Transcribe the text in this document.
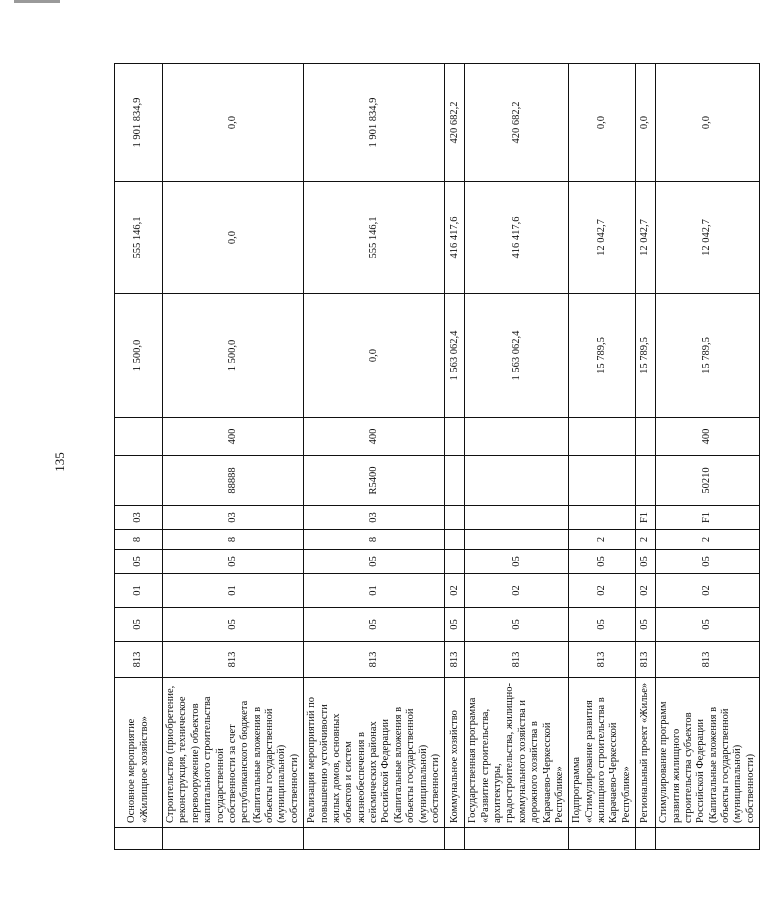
135
	Основное мероприятие «Жилищное хозяйство»	813	05	01	05	8	03			1 500,0	555 146,1	1 901 834,9
	Строительство (приобретение, реконструкция, техническое перевооружение) объектов капитального строительства государственной собственности за счет республиканского бюджета (Капитальные вложения в объекты государственной (муниципальной) собственности)	813	05	01	05	8	03	88888	400	1 500,0	0,0	0,0
	Реализация мероприятий по повышению устойчивости жилых домов, основных объектов и систем жизнеобеспечения в сейсмических районах Российской Федерации (Капитальные вложения в объекты государственной (муниципальной) собственности)	813	05	01	05	8	03	R5400	400	0,0	555 146,1	1 901 834,9
	Коммунальное хозяйство	813	05	02						1 563 062,4	416 417,6	420 682,2
	Государственная программа «Развитие строительства, архитектуры, градостроительства, жилищно-коммунального хозяйства и дорожного хозяйства в Карачаево-Черкесской Республике»	813	05	02	05					1 563 062,4	416 417,6	420 682,2
	Подпрограмма «Стимулирование развития жилищного строительства в Карачаево-Черкесской Республике»	813	05	02	05	2				15 789,5	12 042,7	0,0
	Региональный проект «Жилье»	813	05	02	05	2	F1			15 789,5	12 042,7	0,0
	Стимулирование программ развития жилищного строительства субъектов Российской Федерации (Капитальные вложения в объекты государственной (муниципальной) собственности)	813	05	02	05	2	F1	50210	400	15 789,5	12 042,7	0,0
